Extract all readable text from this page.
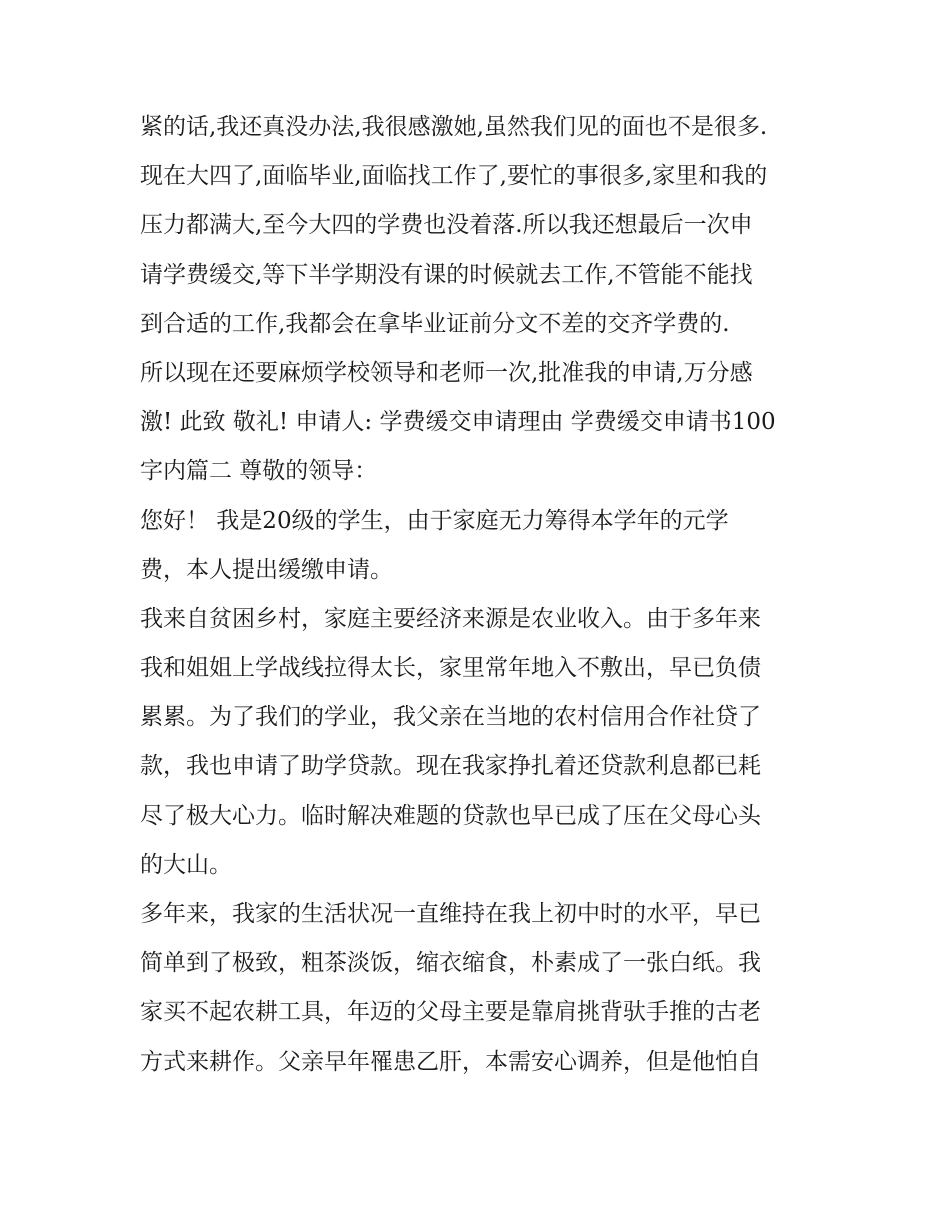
紧的话,我还真没办法,我很感激她,虽然我们见的面也不是很多.
现在大四了,面临毕业,面临找工作了,要忙的事很多,家里和我的
压力都满大,至今大四的学费也没着落.所以我还想最后一次申
请学费缓交,等下半学期没有课的时候就去工作,不管能不能找
到合适的工作,我都会在拿毕业证前分文不差的交齐学费的.
所以现在还要麻烦学校领导和老师一次,批准我的申请,万分感
激! 此致 敬礼! 申请人: 学费缓交申请理由 学费缓交申请书100
字内篇二 尊敬的领导：
您好！ 我是20级的学生，由于家庭无力筹得本学年的元学
费，本人提出缓缴申请。
我来自贫困乡村，家庭主要经济来源是农业收入。由于多年来
我和姐姐上学战线拉得太长，家里常年地入不敷出，早已负债
累累。为了我们的学业，我父亲在当地的农村信用合作社贷了
款，我也申请了助学贷款。现在我家挣扎着还贷款利息都已耗
尽了极大心力。临时解决难题的贷款也早已成了压在父母心头
的大山。
多年来，我家的生活状况一直维持在我上初中时的水平，早已
简单到了极致，粗茶淡饭，缩衣缩食，朴素成了一张白纸。我
家买不起农耕工具，年迈的父母主要是靠肩挑背驮手推的古老
方式来耕作。父亲早年罹患乙肝，本需安心调养，但是他怕自
